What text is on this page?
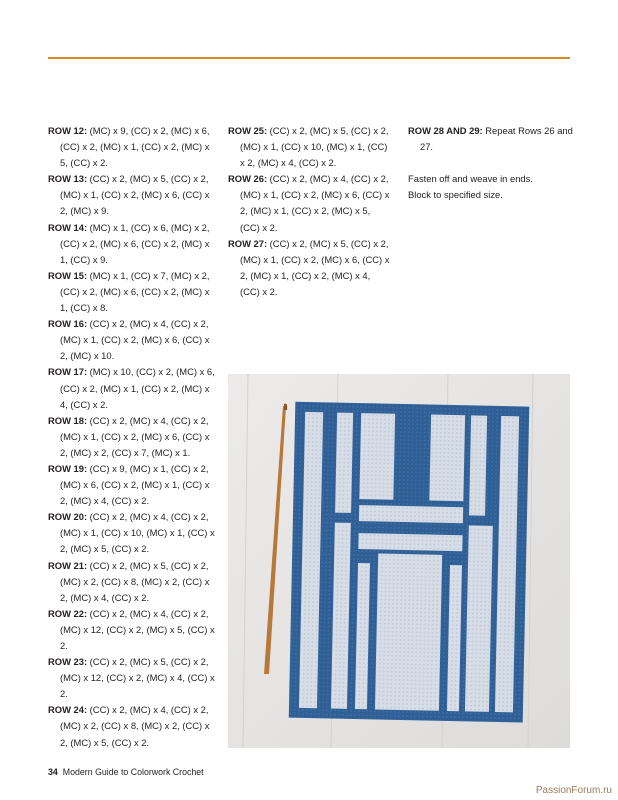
ROW 12: (MC) x 9, (CC) x 2, (MC) x 6, (CC) x 2, (MC) x 1, (CC) x 2, (MC) x 5, (CC) x 2.

ROW 13: (CC) x 2, (MC) x 5, (CC) x 2, (MC) x 1, (CC) x 2, (MC) x 6, (CC) x 2, (MC) x 9.

ROW 14: (MC) x 1, (CC) x 6, (MC) x 2, (CC) x 2, (MC) x 6, (CC) x 2, (MC) x 1, (CC) x 9.

ROW 15: (MC) x 1, (CC) x 7, (MC) x 2, (CC) x 2, (MC) x 6, (CC) x 2, (MC) x 1, (CC) x 8.

ROW 16: (CC) x 2, (MC) x 4, (CC) x 2, (MC) x 1, (CC) x 2, (MC) x 6, (CC) x 2, (MC) x 10.

ROW 17: (MC) x 10, (CC) x 2, (MC) x 6, (CC) x 2, (MC) x 1, (CC) x 2, (MC) x 4, (CC) x 2.

ROW 18: (CC) x 2, (MC) x 4, (CC) x 2, (MC) x 1, (CC) x 2, (MC) x 6, (CC) x 2, (MC) x 2, (CC) x 7, (MC) x 1.

ROW 19: (CC) x 9, (MC) x 1, (CC) x 2, (MC) x 6, (CC) x 2, (MC) x 1, (CC) x 2, (MC) x 4, (CC) x 2.

ROW 20: (CC) x 2, (MC) x 4, (CC) x 2, (MC) x 1, (CC) x 10, (MC) x 1, (CC) x 2, (MC) x 5, (CC) x 2.

ROW 21: (CC) x 2, (MC) x 5, (CC) x 2, (MC) x 2, (CC) x 8, (MC) x 2, (CC) x 2, (MC) x 4, (CC) x 2.

ROW 22: (CC) x 2, (MC) x 4, (CC) x 2, (MC) x 12, (CC) x 2, (MC) x 5, (CC) x 2.

ROW 23: (CC) x 2, (MC) x 5, (CC) x 2, (MC) x 12, (CC) x 2, (MC) x 4, (CC) x 2.

ROW 24: (CC) x 2, (MC) x 4, (CC) x 2, (MC) x 2, (CC) x 8, (MC) x 2, (CC) x 2, (MC) x 5, (CC) x 2.

ROW 25: (CC) x 2, (MC) x 5, (CC) x 2, (MC) x 1, (CC) x 10, (MC) x 1, (CC) x 2, (MC) x 4, (CC) x 2.

ROW 26: (CC) x 2, (MC) x 4, (CC) x 2, (MC) x 1, (CC) x 2, (MC) x 6, (CC) x 2, (MC) x 1, (CC) x 2, (MC) x 5, (CC) x 2.

ROW 27: (CC) x 2, (MC) x 5, (CC) x 2, (MC) x 1, (CC) x 2, (MC) x 6, (CC) x 2, (MC) x 1, (CC) x 2, (MC) x 4, (CC) x 2.

ROW 28 AND 29: Repeat Rows 26 and 27.

Fasten off and weave in ends.
Block to specified size.
34 Modern Guide to Colorwork Crochet
PassionForum.ru
